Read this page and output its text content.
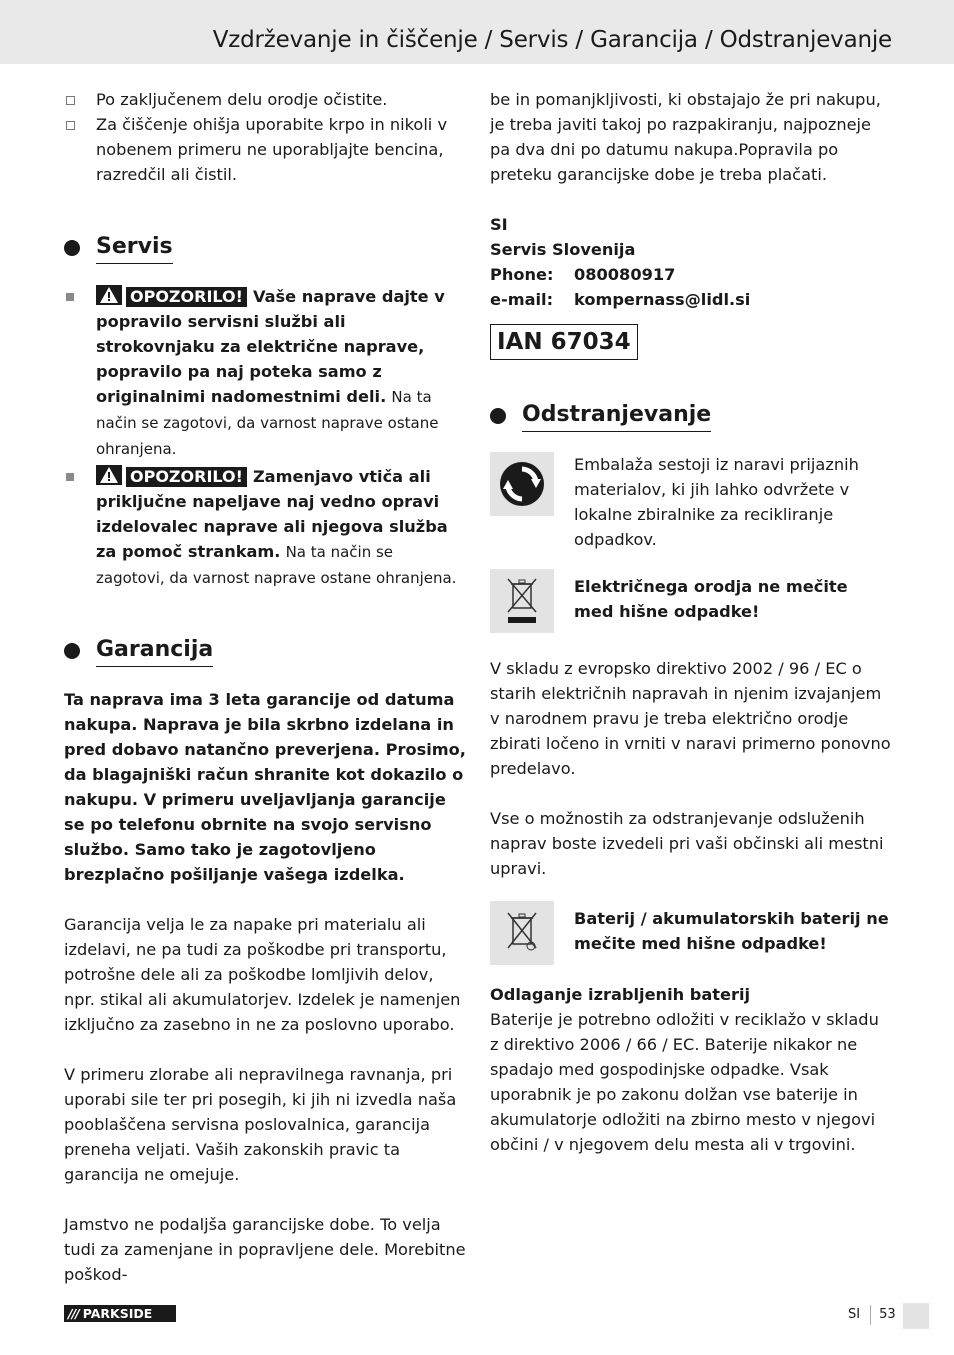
Vzdrževanje in čiščenje / Servis / Garancija / Odstranjevanje
Po zaključenem delu orodje očistite.
Za čiščenje ohišja uporabite krpo in nikoli v nobenem primeru ne uporabljajte bencina, razredčil ali čistil.
Servis
OPOZORILO! Vaše naprave dajte v popravilo servisni službi ali strokovnjaku za električne naprave, popravilo pa naj poteka samo z originalnimi nadomestnimi deli. Na ta način se zagotovi, da varnost naprave ostane ohranjena.
OPOZORILO! Zamenjavo vtiča ali priključne napeljave naj vedno opravi izdelovalec naprave ali njegova služba za pomoč strankam. Na ta način se zagotovi, da varnost naprave ostane ohranjena.
Garancija

Ta naprava ima 3 leta garancije od datuma nakupa. Naprava je bila skrbno izdelana in pred dobavo natančno preverjena. Prosimo, da blagajniški račun shranite kot dokazilo o nakupu. V primeru uveljavljanja garancije se po telefonu obrnite na svojo servisno službo. Samo tako je zagotovljeno brezplačno pošiljanje vašega izdelka.

Garancija velja le za napake pri materialu ali izdelavi, ne pa tudi za poškodbe pri transportu, potrošne dele ali za poškodbe lomljivih delov, npr. stikal ali akumulatorjev. Izdelek je namenjen izključno za zasebno in ne za poslovno uporabo.

V primeru zlorabe ali nepravilnega ravnanja, pri uporabi sile ter pri posegih, ki jih ni izvedla naša pooblaščena servisna poslovalnica, garancija preneha veljati. Vaših zakonskih pravic ta garancija ne omejuje.

Jamstvo ne podaljša garancijske dobe. To velja tudi za zamenjane in popravljene dele. Morebitne poškod-

be in pomanjkljivosti, ki obstajajo že pri nakupu, je treba javiti takoj po razpakiranju, najpozneje pa dva dni po datumu nakupa.Popravila po preteku garancijske dobe je treba plačati.

SI
Servis Slovenija
Phone:	080080917
e-mail:	kompernass@lidl.si
IAN 67034
Odstranjevanje

Embalaža sestoji iz naravi prijaznih materialov, ki jih lahko odvržete v lokalne zbiralnike za recikliranje odpadkov.

Električnega orodja ne mečite med hišne odpadke!

V skladu z evropsko direktivo 2002 / 96 / EC o starih električnih napravah in njenim izvajanjem v narodnem pravu je treba električno orodje zbirati ločeno in vrniti v naravi primerno ponovno predelavo.

Vse o možnostih za odstranjevanje odsluženih naprav boste izvedeli pri vaši občinski ali mestni upravi.

Baterij / akumulatorskih baterij ne mečite med hišne odpadke!

Odlaganje izrabljenih baterij

Baterije je potrebno odložiti v reciklažo v skladu z direktivo 2006 / 66 / EC. Baterije nikakor ne spadajo med gospodinjske odpadke. Vsak uporabnik je po zakonu dolžan vse baterije in akumulatorje odložiti na zbirno mesto v njegovi občini / v njegovem delu mesta ali v trgovini.

/// PARKSIDE	SI 53
